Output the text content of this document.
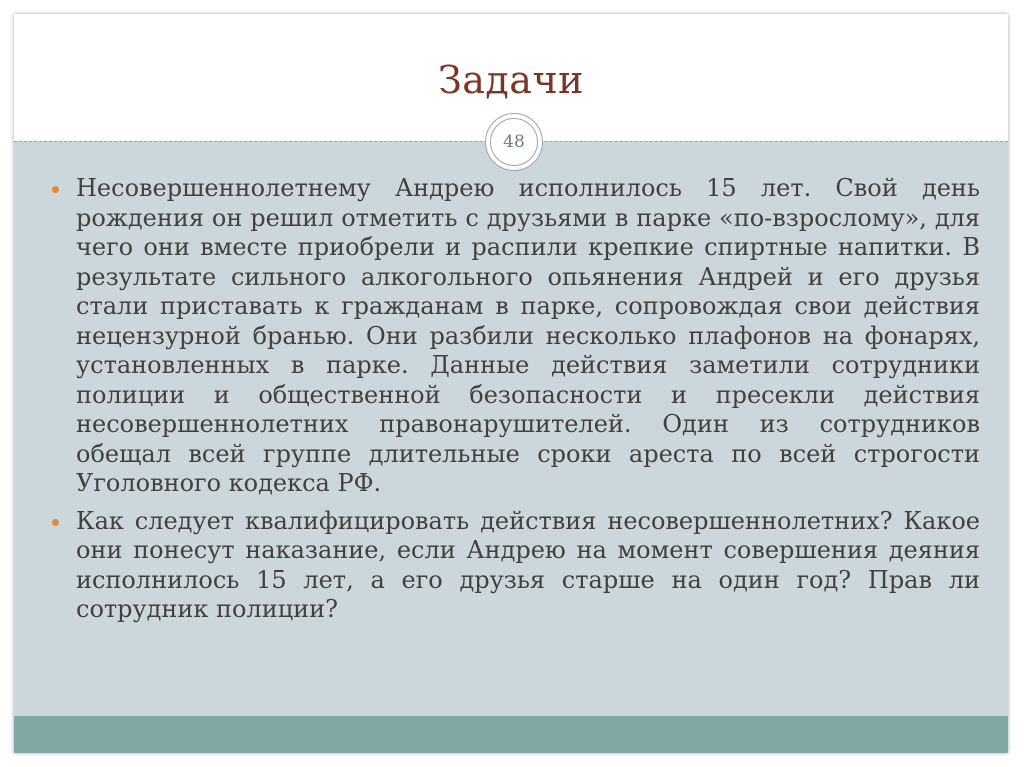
Задачи
48
Несовершеннолетнему Андрею исполнилось 15 лет. Свой день рождения он решил отметить с друзьями в парке «по-взрослому», для чего они вместе приобрели и распили крепкие спиртные напитки. В результате сильного алкогольного опьянения Андрей и его друзья стали приставать к гражданам в парке, сопровождая свои действия нецензурной бранью. Они разбили несколько плафонов на фонарях, установленных в парке. Данные действия заметили сотрудники полиции и общественной безопасности и пресекли действия несовершеннолетних правонарушителей. Один из сотрудников обещал всей группе длительные сроки ареста по всей строгости Уголовного кодекса РФ.
Как следует квалифицировать действия несовершеннолетних? Какое они понесут наказание, если Андрею на момент совершения деяния исполнилось 15 лет, а его друзья старше на один год? Прав ли сотрудник полиции?
